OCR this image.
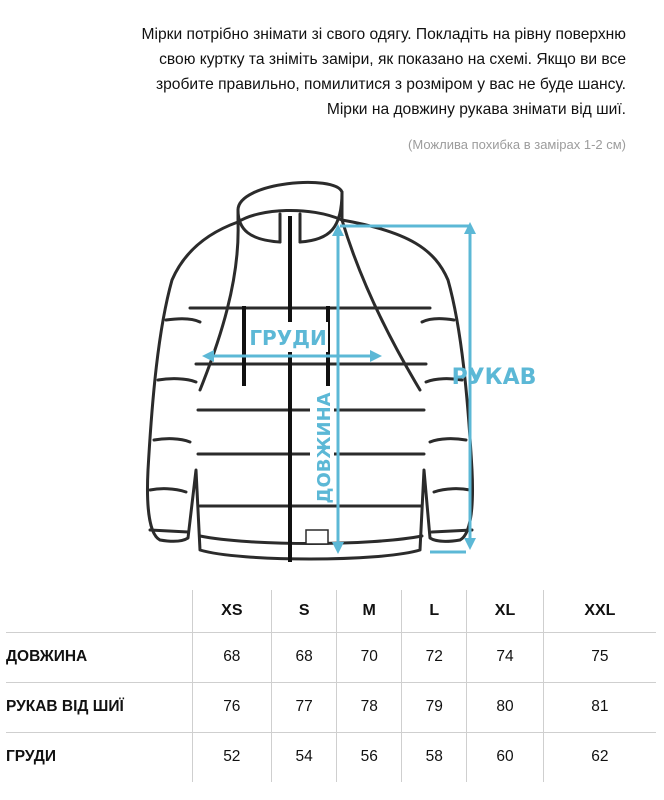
Мірки потрібно знімати зі свого одягу. Покладіть на рівну поверхню
свою куртку та зніміть заміри, як показано на схемі. Якщо ви все
зробите правильно, помилитися з розміром у вас не буде шансу.
Мірки на довжину рукава знімати від шиї.
(Можлива похибка в замірах 1-2 см)
ГРУДИ
ДОВЖИНА
РУКАВ
	XS	S	M	L	XL	XXL
ДОВЖИНА	68	68	70	72	74	75
РУКАВ ВІД ШИЇ	76	77	78	79	80	81
ГРУДИ	52	54	56	58	60	62
